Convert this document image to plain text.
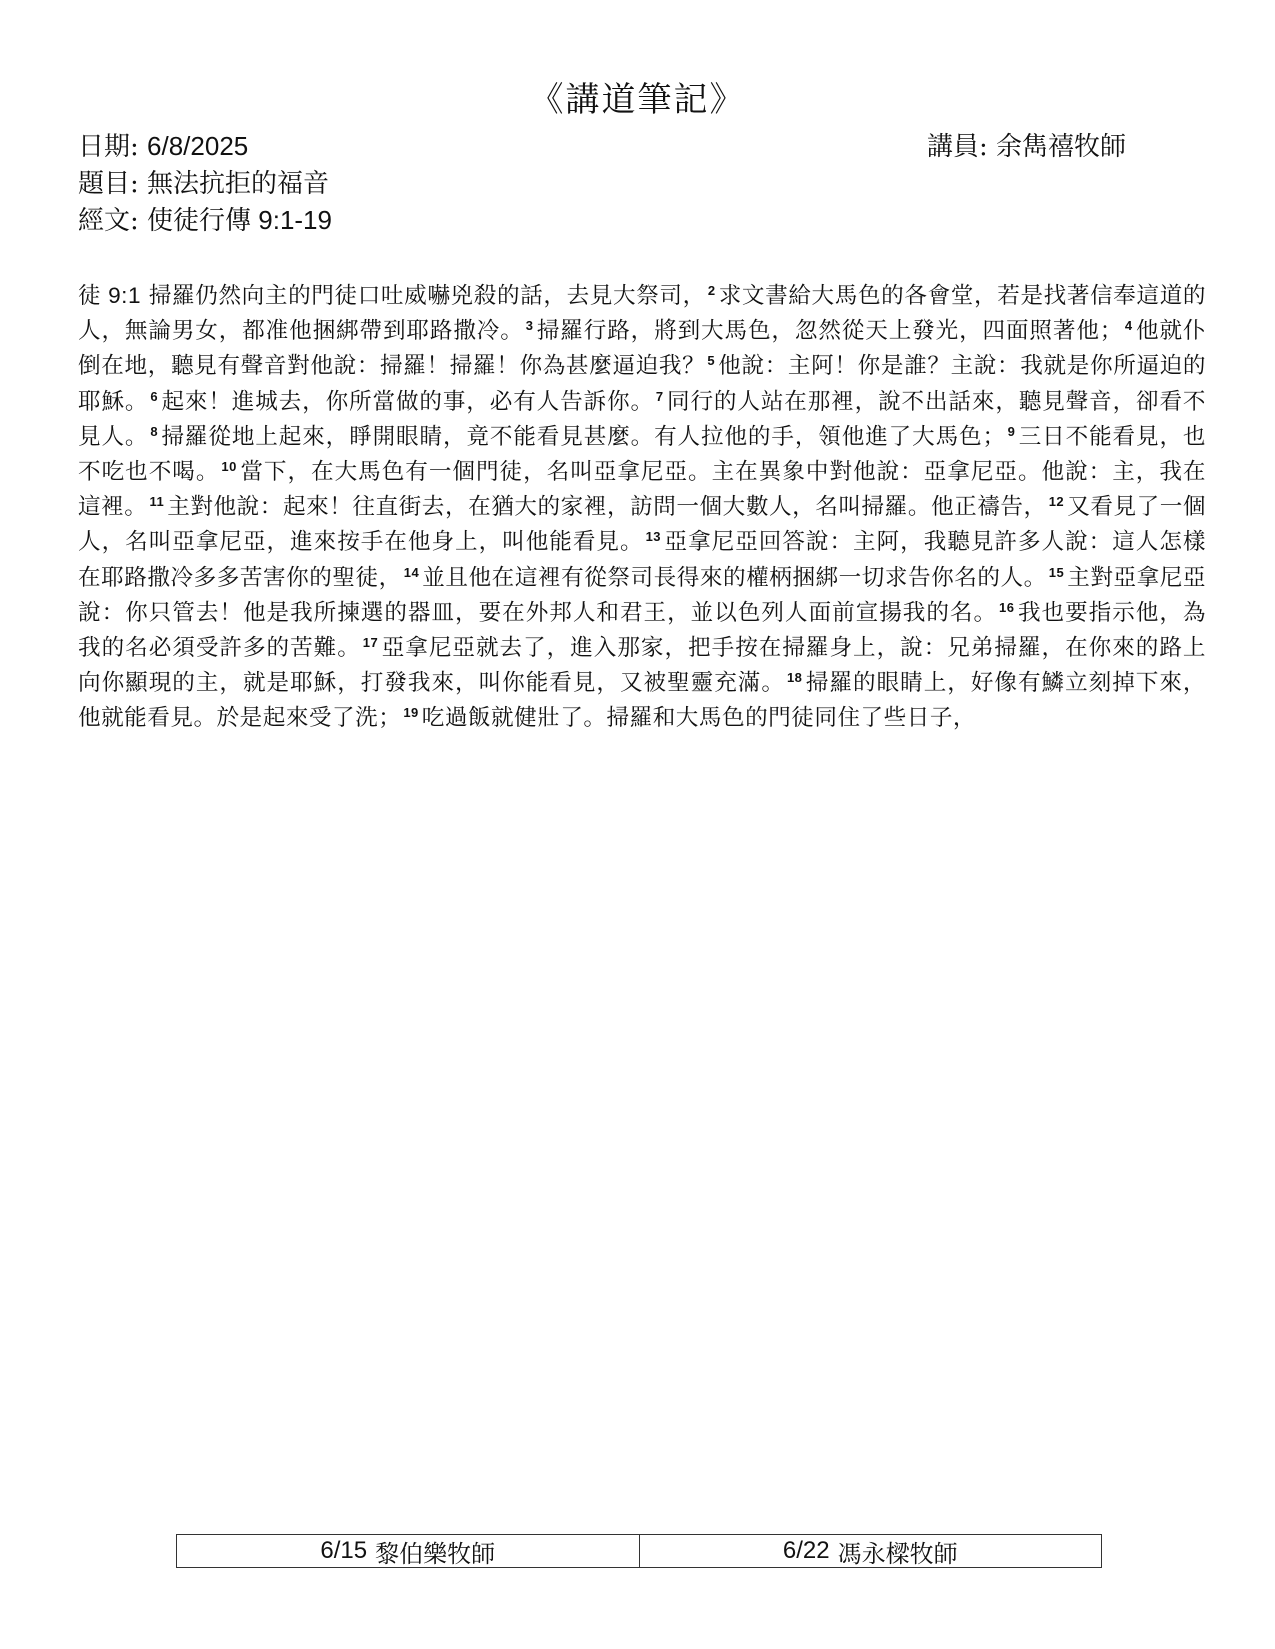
《講道筆記》
日期: 6/8/2025	講員: 余雋禧牧師
題目: 無法抗拒的福音
經文: 使徒行傳 9:1-19
徒 9:1 掃羅仍然向主的門徒口吐威嚇兇殺的話，去見大祭司， $^2$ 求文書給大馬色的各會堂，若是找著信奉這道的人，無論男女，都准他捆綁帶到耶路撒冷。 $^3$ 掃羅行路，將到大馬色，忽然從天上發光，四面照著他； $^4$ 他就仆倒在地，聽見有聲音對他說：掃羅！掃羅！你為甚麼逼迫我？ $^5$ 他說：主阿！你是誰？主說：我就是你所逼迫的耶穌。 $^6$ 起來！進城去，你所當做的事，必有人告訴你。 $^7$ 同行的人站在那裡，說不出話來，聽見聲音，卻看不見人。 $^8$ 掃羅從地上起來，睜開眼睛，竟不能看見甚麼。有人拉他的手，領他進了大馬色； $^9$ 三日不能看見，也不吃也不喝。 $^{10}$ 當下，在大馬色有一個門徒，名叫亞拿尼亞。主在異象中對他說：亞拿尼亞。他說：主，我在這裡。 $^{11}$ 主對他說：起來！往直街去，在猶大的家裡，訪問一個大數人，名叫掃羅。他正禱告， $^{12}$ 又看見了一個人，名叫亞拿尼亞，進來按手在他身上，叫他能看見。 $^{13}$ 亞拿尼亞回答說：主阿，我聽見許多人說：這人怎樣在耶路撒冷多多苦害你的聖徒， $^{14}$ 並且他在這裡有從祭司長得來的權柄捆綁一切求告你名的人。 $^{15}$ 主對亞拿尼亞說：你只管去！他是我所揀選的器皿，要在外邦人和君王，並以色列人面前宣揚我的名。 $^{16}$ 我也要指示他，為我的名必須受許多的苦難。 $^{17}$ 亞拿尼亞就去了，進入那家，把手按在掃羅身上，說：兄弟掃羅，在你來的路上向你顯現的主，就是耶穌，打發我來，叫你能看見，又被聖靈充滿。 $^{18}$ 掃羅的眼睛上，好像有鱗立刻掉下來，他就能看見。於是起來受了洗； $^{19}$ 吃過飯就健壯了。掃羅和大馬色的門徒同住了些日子，
6/15 黎伯樂牧師	6/22 馮永樑牧師
